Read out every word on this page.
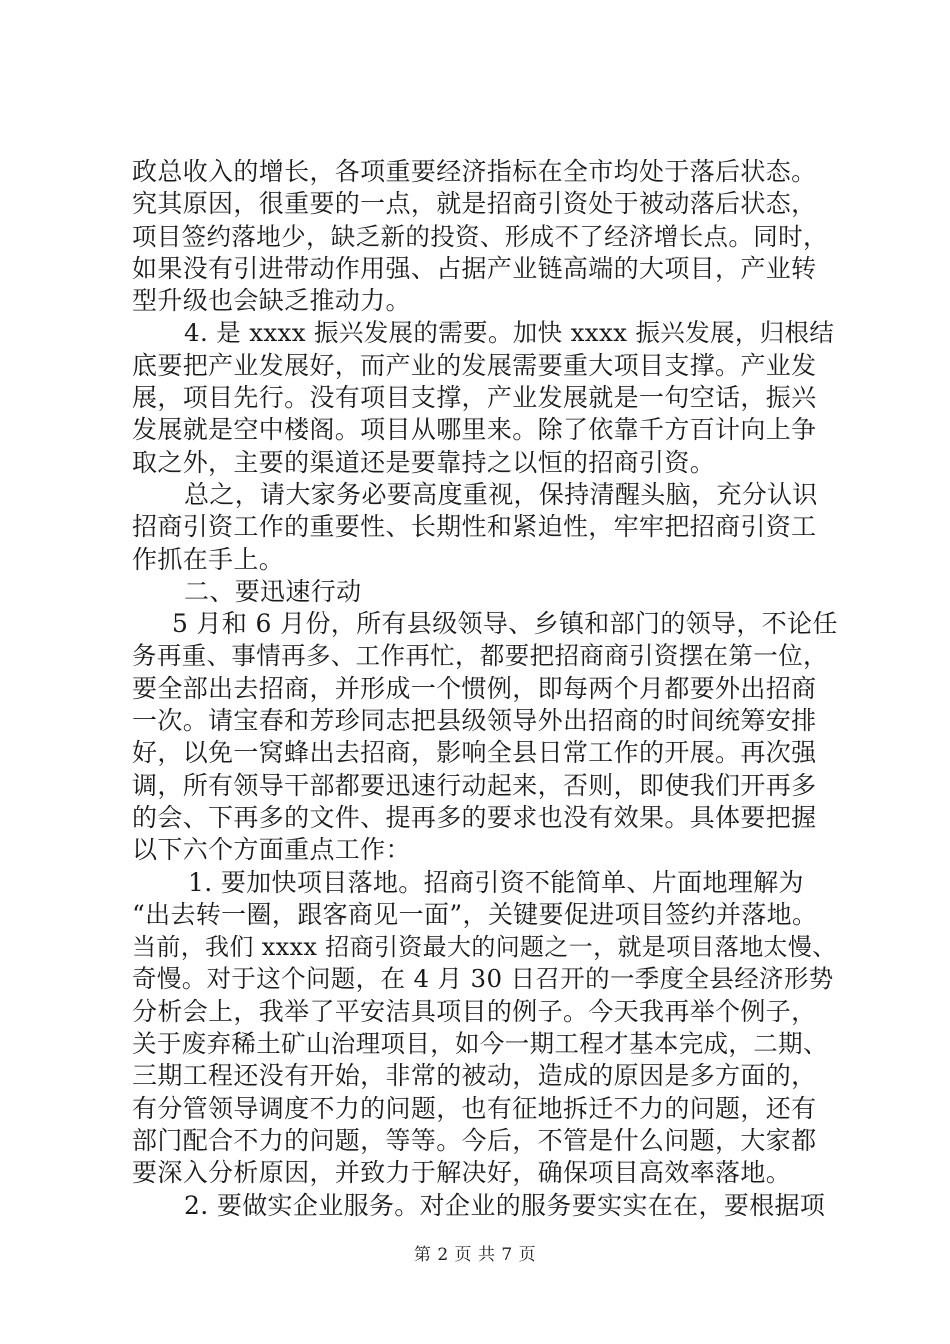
政总收入的增长，各项重要经济指标在全市均处于落后状态。
究其原因，很重要的一点，就是招商引资处于被动落后状态，
项目签约落地少，缺乏新的投资、形成不了经济增长点。同时，
如果没有引进带动作用强、占据产业链高端的大项目，产业转
型升级也会缺乏推动力。
4. 是 xxxx 振兴发展的需要。加快 xxxx 振兴发展，归根结
底要把产业发展好，而产业的发展需要重大项目支撑。产业发
展，项目先行。没有项目支撑，产业发展就是一句空话，振兴
发展就是空中楼阁。项目从哪里来。除了依靠千方百计向上争
取之外，主要的渠道还是要靠持之以恒的招商引资。
总之，请大家务必要高度重视，保持清醒头脑，充分认识
招商引资工作的重要性、长期性和紧迫性，牢牢把招商引资工
作抓在手上。
二、要迅速行动
5 月和 6 月份，所有县级领导、乡镇和部门的领导，不论任
务再重、事情再多、工作再忙，都要把招商商引资摆在第一位，
要全部出去招商，并形成一个惯例，即每两个月都要外出招商
一次。请宝春和芳珍同志把县级领导外出招商的时间统筹安排
好，以免一窝蜂出去招商，影响全县日常工作的开展。再次强
调，所有领导干部都要迅速行动起来，否则，即使我们开再多
的会、下再多的文件、提再多的要求也没有效果。具体要把握
以下六个方面重点工作：
1. 要加快项目落地。招商引资不能简单、片面地理解为
“出去转一圈，跟客商见一面”，关键要促进项目签约并落地。
当前，我们 xxxx 招商引资最大的问题之一，就是项目落地太慢、
奇慢。对于这个问题，在 4 月 30 日召开的一季度全县经济形势
分析会上，我举了平安洁具项目的例子。今天我再举个例子，
关于废弃稀土矿山治理项目，如今一期工程才基本完成，二期、
三期工程还没有开始，非常的被动，造成的原因是多方面的，
有分管领导调度不力的问题，也有征地拆迁不力的问题，还有
部门配合不力的问题，等等。今后，不管是什么问题，大家都
要深入分析原因，并致力于解决好，确保项目高效率落地。
2. 要做实企业服务。对企业的服务要实实在在，要根据项
第 2 页 共 7 页
